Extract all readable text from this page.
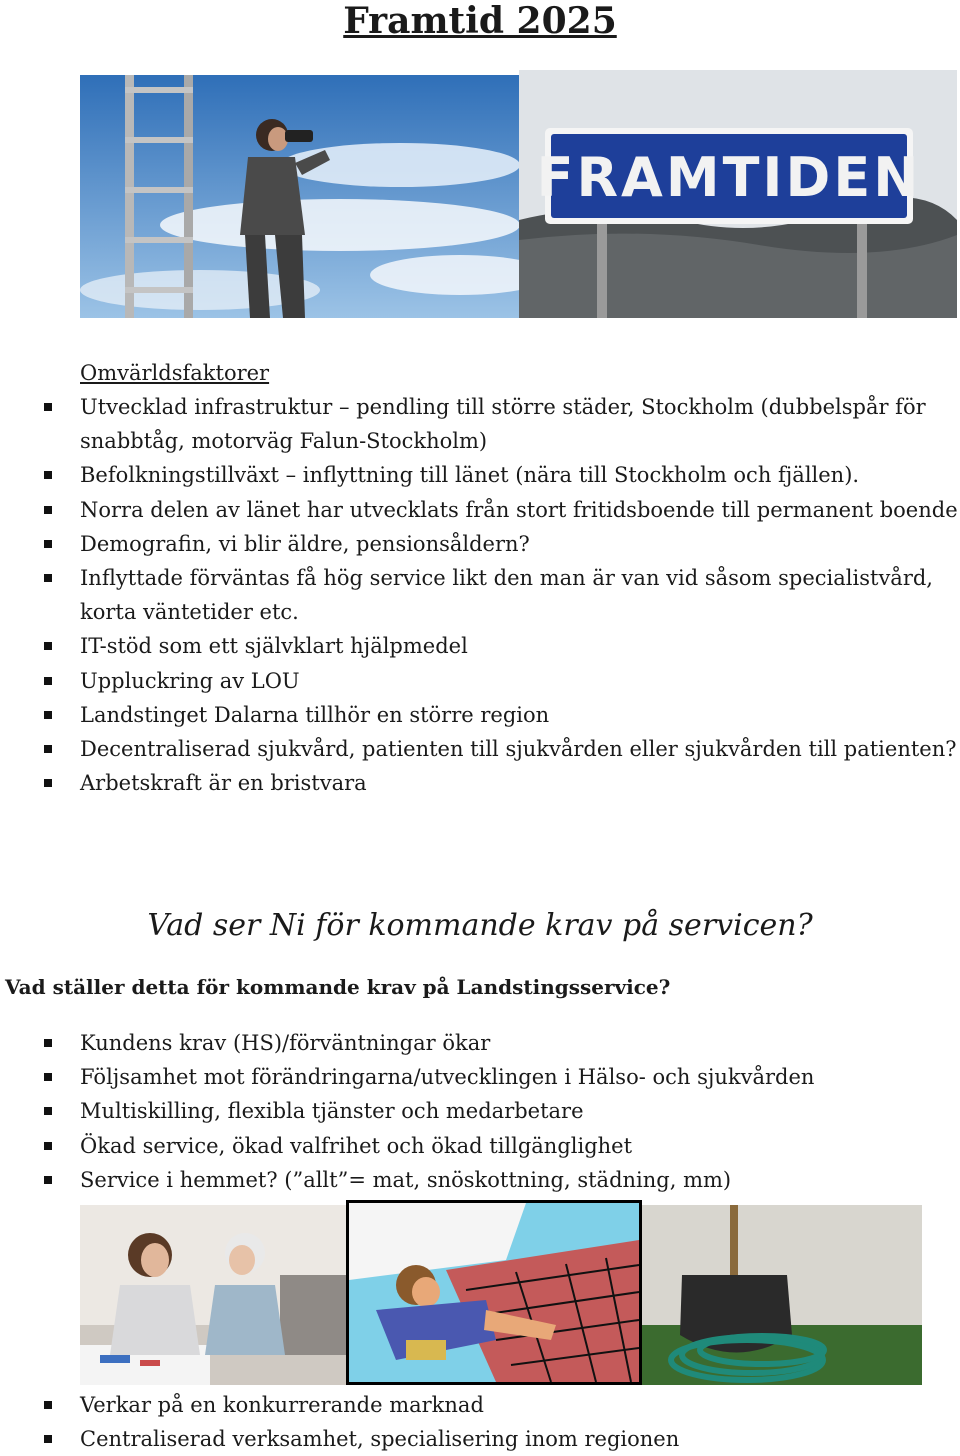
Framtid 2025
FRAMTIDEN
Omvärldsfaktorer
Utvecklad infrastruktur – pendling till större städer, Stockholm (dubbelspår för snabbtåg, motorväg Falun-Stockholm)
Befolkningstillväxt – inflyttning till länet (nära till Stockholm och fjällen).
Norra delen av länet har utvecklats från stort fritidsboende till permanent boende
Demografin, vi blir äldre, pensionsåldern?
Inflyttade förväntas få hög service likt den man är van vid såsom specialistvård, korta väntetider etc.
IT-stöd som ett självklart hjälpmedel
Uppluckring av LOU
Landstinget Dalarna tillhör en större region
Decentraliserad sjukvård, patienten till sjukvården eller sjukvården till patienten?
Arbetskraft är en bristvara
Vad ser Ni för kommande krav på servicen?
Vad ställer detta för kommande krav på Landstingsservice?
Kundens krav (HS)/förväntningar ökar
Följsamhet mot förändringarna/utvecklingen i Hälso- och sjukvården
Multiskilling, flexibla tjänster och medarbetare
Ökad service, ökad valfrihet och ökad tillgänglighet
Service i hemmet? (”allt”= mat, snöskottning, städning, mm)
Verkar på en konkurrerande marknad
Centraliserad verksamhet, specialisering inom regionen
